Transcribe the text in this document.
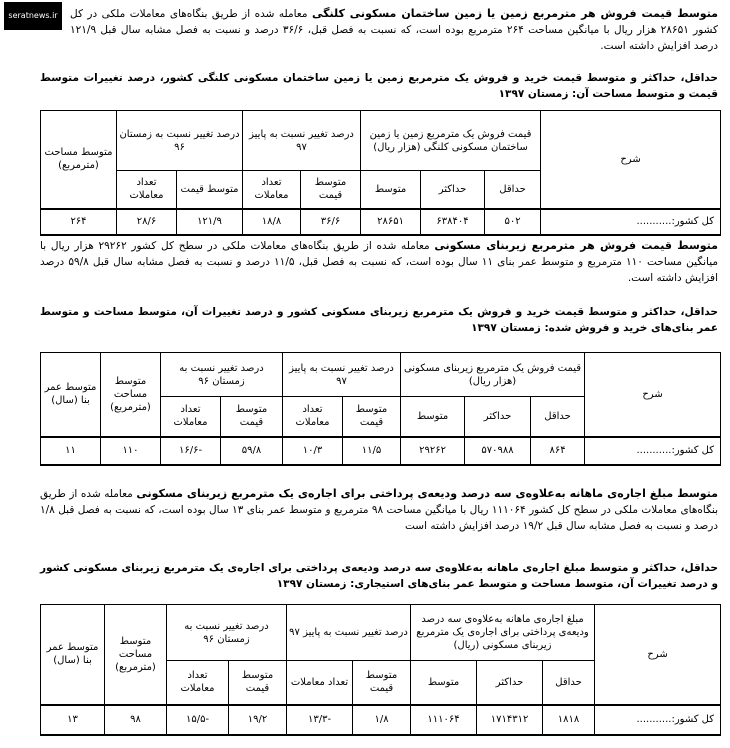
seratnews.ir	متوسط قیمت فروش هر مترمربع زمین یا زمین ساختمان مسکونی کلنگی معامله شده از طریق بنگاه‌های معاملات ملکی در کل کشور ۲۸۶۵۱ هزار ریال با میانگین مساحت ۲۶۴ مترمربع بوده است، که نسبت به فصل قبل، ۳۶/۶ درصد و نسبت به فصل مشابه سال قبل ۱۲۱/۹ درصد افزایش داشته است.
حداقل، حداکثر و متوسط قیمت خرید و فروش یک مترمربع زمین یا زمین ساختمان مسکونی کلنگی کشور، درصد تغییرات متوسط قیمت و متوسط مساحت آن: زمستان ۱۳۹۷
شرح	قیمت فروش یک مترمربع زمین یا زمین ساختمان مسکونی کلنگی (هزار ریال)			درصد تغییر نسبت به پاییز ۹۷		درصد تغییر نسبت به زمستان ۹۶		متوسط مساحت (مترمربع)
	حداقل	حداکثر	متوسط	متوسط قیمت	تعداد معاملات	متوسط قیمت	تعداد معاملات	
کل کشور:...........	۵۰۲	۶۳۸۴۰۴	۲۸۶۵۱	۳۶/۶	۱۸/۸	۱۲۱/۹	۲۸/۶	۲۶۴
متوسط قیمت فروش هر مترمربع زیربنای مسکونی معامله شده از طریق بنگاه‌های معاملات ملکی در سطح کل کشور ۲۹۲۶۲ هزار ریال با میانگین مساحت ۱۱۰ مترمربع و متوسط عمر بنای ۱۱ سال بوده است، که نسبت به فصل قبل، ۱۱/۵ درصد و نسبت به فصل مشابه سال قبل ۵۹/۸ درصد افزایش داشته است.
حداقل، حداکثر و متوسط قیمت خرید و فروش یک مترمربع زیربنای مسکونی کشور و درصد تغییرات آن، متوسط مساحت و متوسط عمر بنای‌های خرید و فروش شده: زمستان ۱۳۹۷
شرح	قیمت فروش یک مترمربع زیربنای مسکونی (هزار ریال)			درصد تغییر نسبت به پاییز ۹۷		درصد تغییر نسبت به زمستان ۹۶		متوسط مساحت (مترمربع)	متوسط عمر بنا (سال)
	حداقل	حداکثر	متوسط	متوسط قیمت	تعداد معاملات	متوسط قیمت	تعداد معاملات		
کل کشور:...........	۸۶۴	۵۷۰۹۸۸	۲۹۲۶۲	۱۱/۵	۱۰/۳	۵۹/۸	-۱۶/۶	۱۱۰	۱۱
متوسط مبلغ اجاره‌ی ماهانه به‌علاوه‌ی سه درصد ودیعه‌ی پرداختی برای اجاره‌ی یک مترمربع زیربنای مسکونی معامله شده از طریق بنگاه‌های معاملات ملکی در سطح کل کشور ۱۱۱۰۶۴ ریال با میانگین مساحت ۹۸ مترمربع و متوسط عمر بنای ۱۳ سال بوده است، که نسبت به فصل قبل ۱/۸ درصد و نسبت به فصل مشابه سال قبل ۱۹/۲ درصد افزایش داشته است
حداقل، حداکثر و متوسط مبلغ اجاره‌ی ماهانه به‌علاوه‌ی سه درصد ودیعه‌ی پرداختی برای اجاره‌ی یک مترمربع زیربنای مسکونی کشور و درصد تغییرات آن، متوسط مساحت و متوسط عمر بنای‌های استیجاری: زمستان ۱۳۹۷
شرح	مبلغ اجاره‌ی ماهانه به‌علاوه‌ی سه درصد ودیعه‌ی پرداختی برای اجاره‌ی یک مترمربع زیربنای مسکونی (ریال)			درصد تغییر نسبت به پاییز ۹۷		درصد تغییر نسبت به زمستان ۹۶		متوسط مساحت (مترمربع)	متوسط عمر بنا (سال)
	حداقل	حداکثر	متوسط	متوسط قیمت	تعداد معاملات	متوسط قیمت	تعداد معاملات		
کل کشور:...........	۱۸۱۸	۱۷۱۴۳۱۲	۱۱۱۰۶۴	۱/۸	-۱۳/۳	۱۹/۲	-۱۵/۵	۹۸	۱۳
